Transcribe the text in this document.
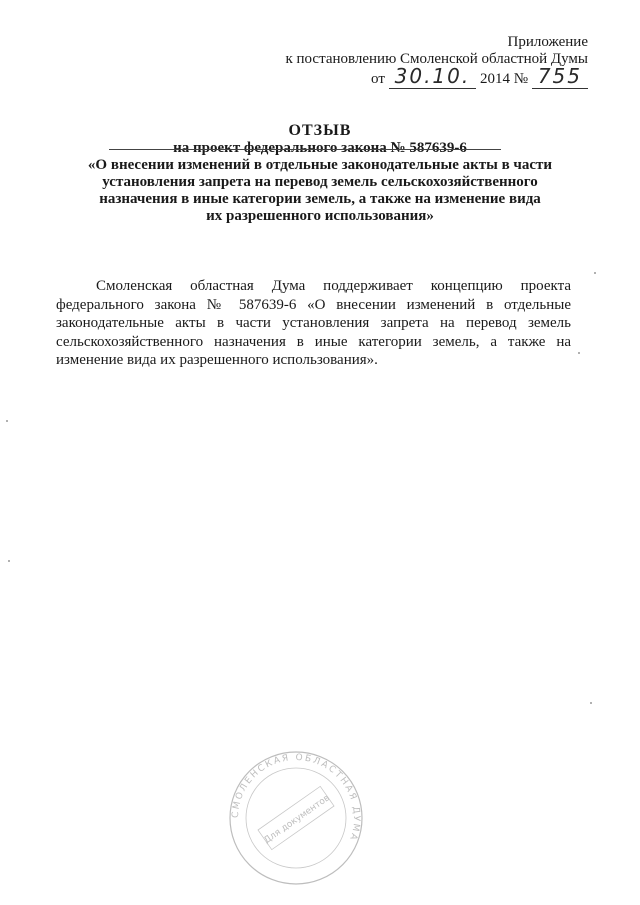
Приложение
к постановлению Смоленской областной Думы
от 30.10. 2014 № 755
ОТЗЫВ
на проект федерального закона № 587639-6
«О внесении изменений в отдельные законодательные акты в части
установления запрета на перевод земель сельскохозяйственного
назначения в иные категории земель, а также на изменение вида
их разрешенного использования»

Смоленская областная Дума поддерживает концепцию проекта федерального закона № 587639-6 «О внесении изменений в отдельные законодательные акты в части установления запрета на перевод земель сельскохозяйственного назначения в иные категории земель, а также на изменение вида их разрешенного использования».

СМОЛЕНСКАЯ ОБЛАСТНАЯ ДУМА
Для документов
